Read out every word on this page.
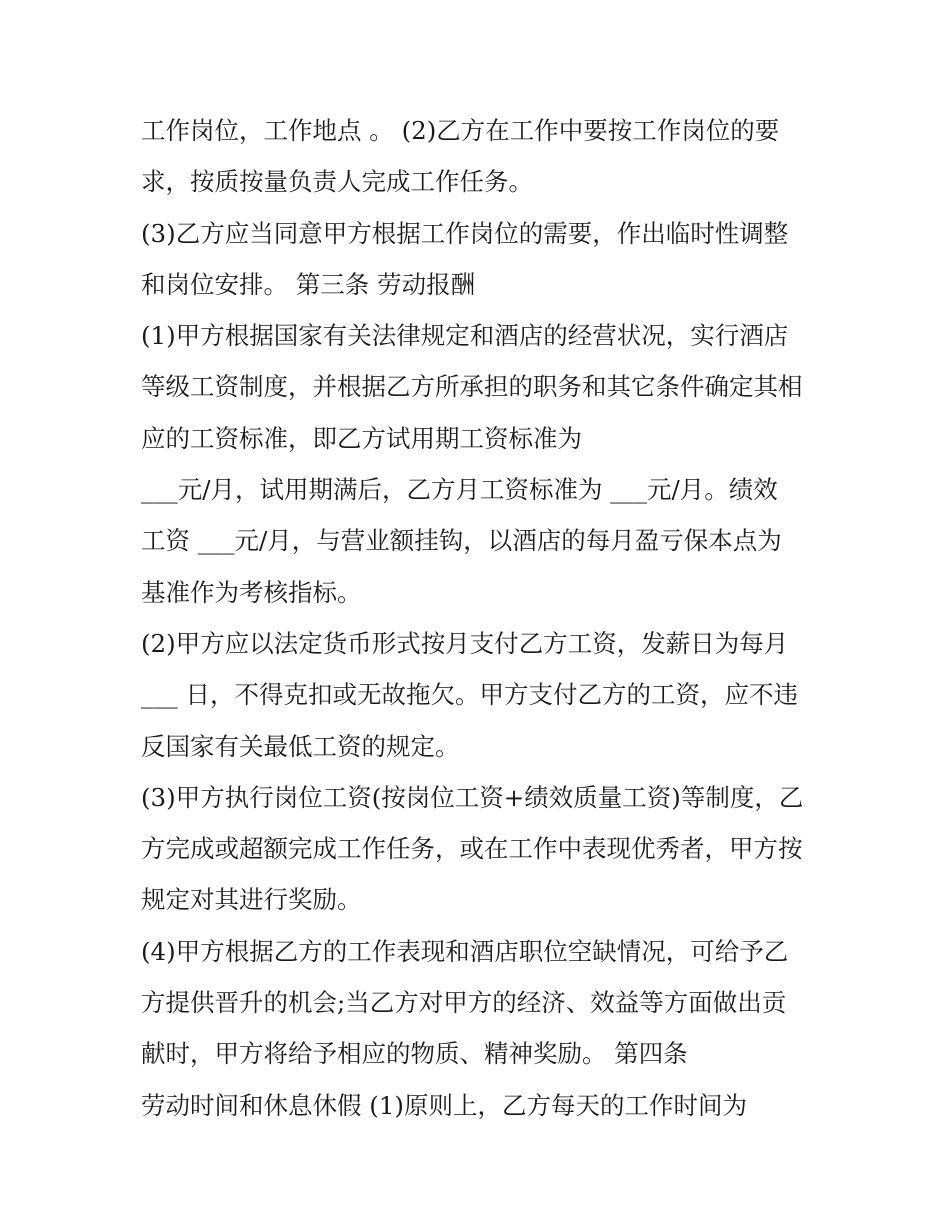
工作岗位，工作地点 。 (2)乙方在工作中要按工作岗位的要
求，按质按量负责人完成工作任务。
(3)乙方应当同意甲方根据工作岗位的需要，作出临时性调整
和岗位安排。 第三条 劳动报酬
(1)甲方根据国家有关法律规定和酒店的经营状况，实行酒店
等级工资制度，并根据乙方所承担的职务和其它条件确定其相
应的工资标准，即乙方试用期工资标准为
___元/月，试用期满后，乙方月工资标准为 ___元/月。绩效
工资 ___元/月，与营业额挂钩，以酒店的每月盈亏保本点为
基准作为考核指标。
(2)甲方应以法定货币形式按月支付乙方工资，发薪日为每月
___ 日，不得克扣或无故拖欠。甲方支付乙方的工资，应不违
反国家有关最低工资的规定。
(3)甲方执行岗位工资(按岗位工资+绩效质量工资)等制度，乙
方完成或超额完成工作任务，或在工作中表现优秀者，甲方按
规定对其进行奖励。
(4)甲方根据乙方的工作表现和酒店职位空缺情况，可给予乙
方提供晋升的机会;当乙方对甲方的经济、效益等方面做出贡
献时，甲方将给予相应的物质、精神奖励。 第四条
劳动时间和休息休假 (1)原则上，乙方每天的工作时间为
